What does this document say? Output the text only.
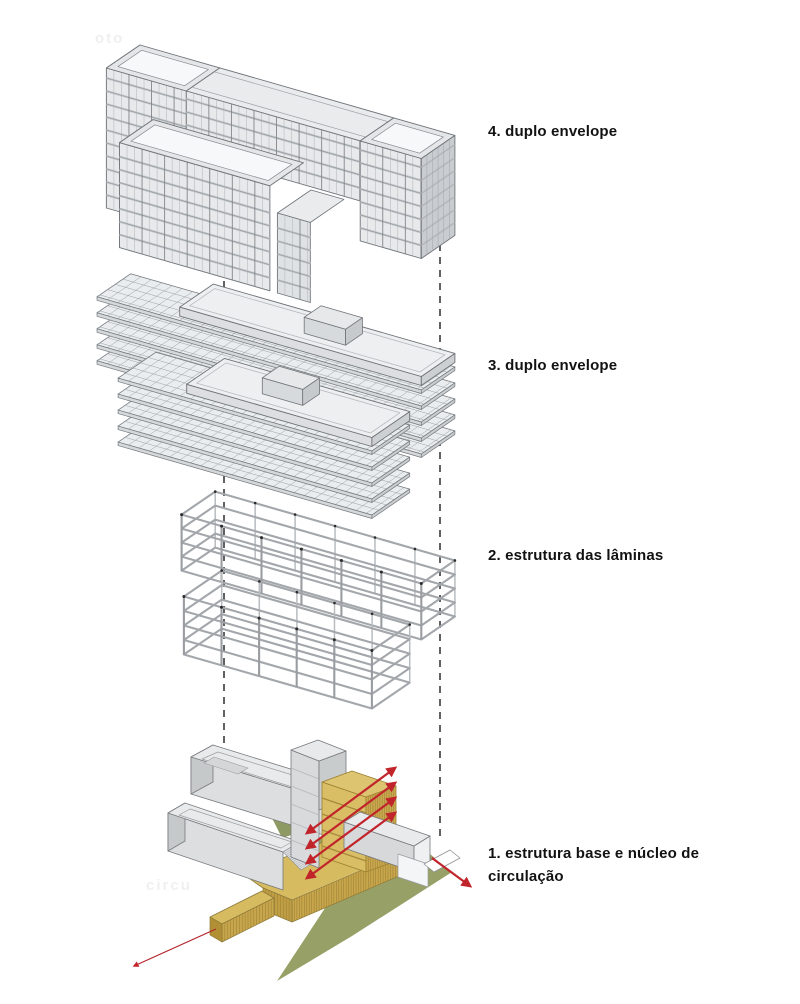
oto
circu
4. duplo envelope
3. duplo envelope
2. estrutura das lâminas
1. estrutura base e núcleo de
circulação
